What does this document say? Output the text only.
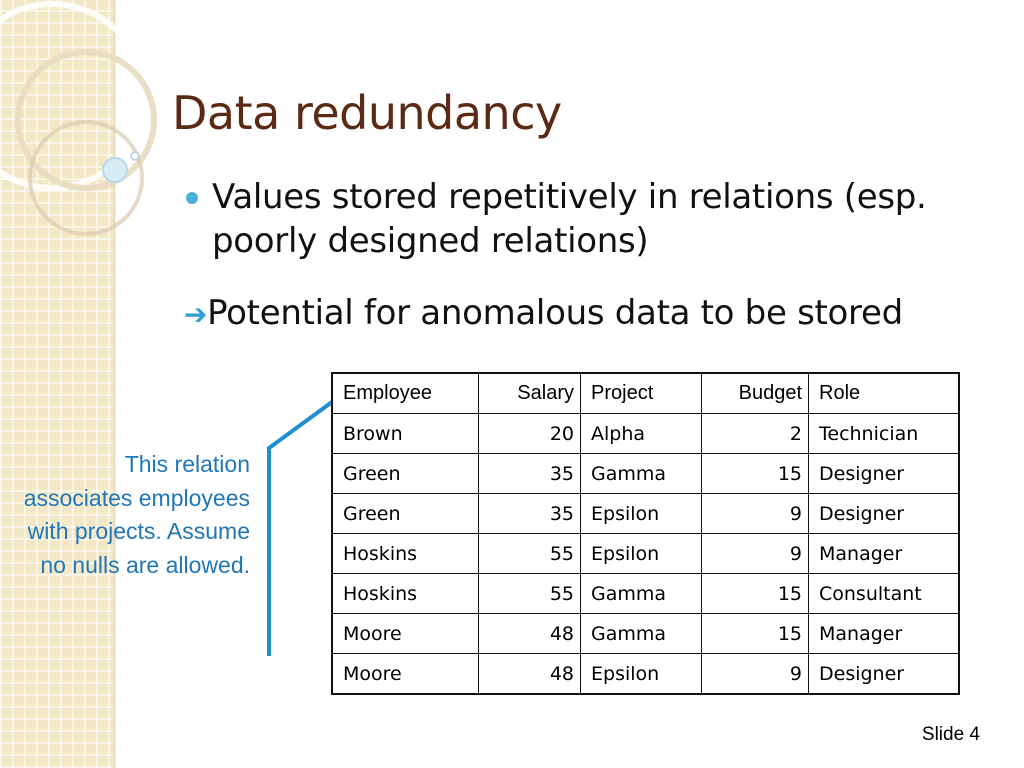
Data redundancy
Values stored repetitively in relations (esp. poorly designed relations)
➔Potential for anomalous data to be stored
This relation associates employees with projects. Assume no nulls are allowed.
Employee	Salary	Project	Budget	Role
Brown	20	Alpha	2	Technician
Green	35	Gamma	15	Designer
Green	35	Epsilon	9	Designer
Hoskins	55	Epsilon	9	Manager
Hoskins	55	Gamma	15	Consultant
Moore	48	Gamma	15	Manager
Moore	48	Epsilon	9	Designer
Slide 4
